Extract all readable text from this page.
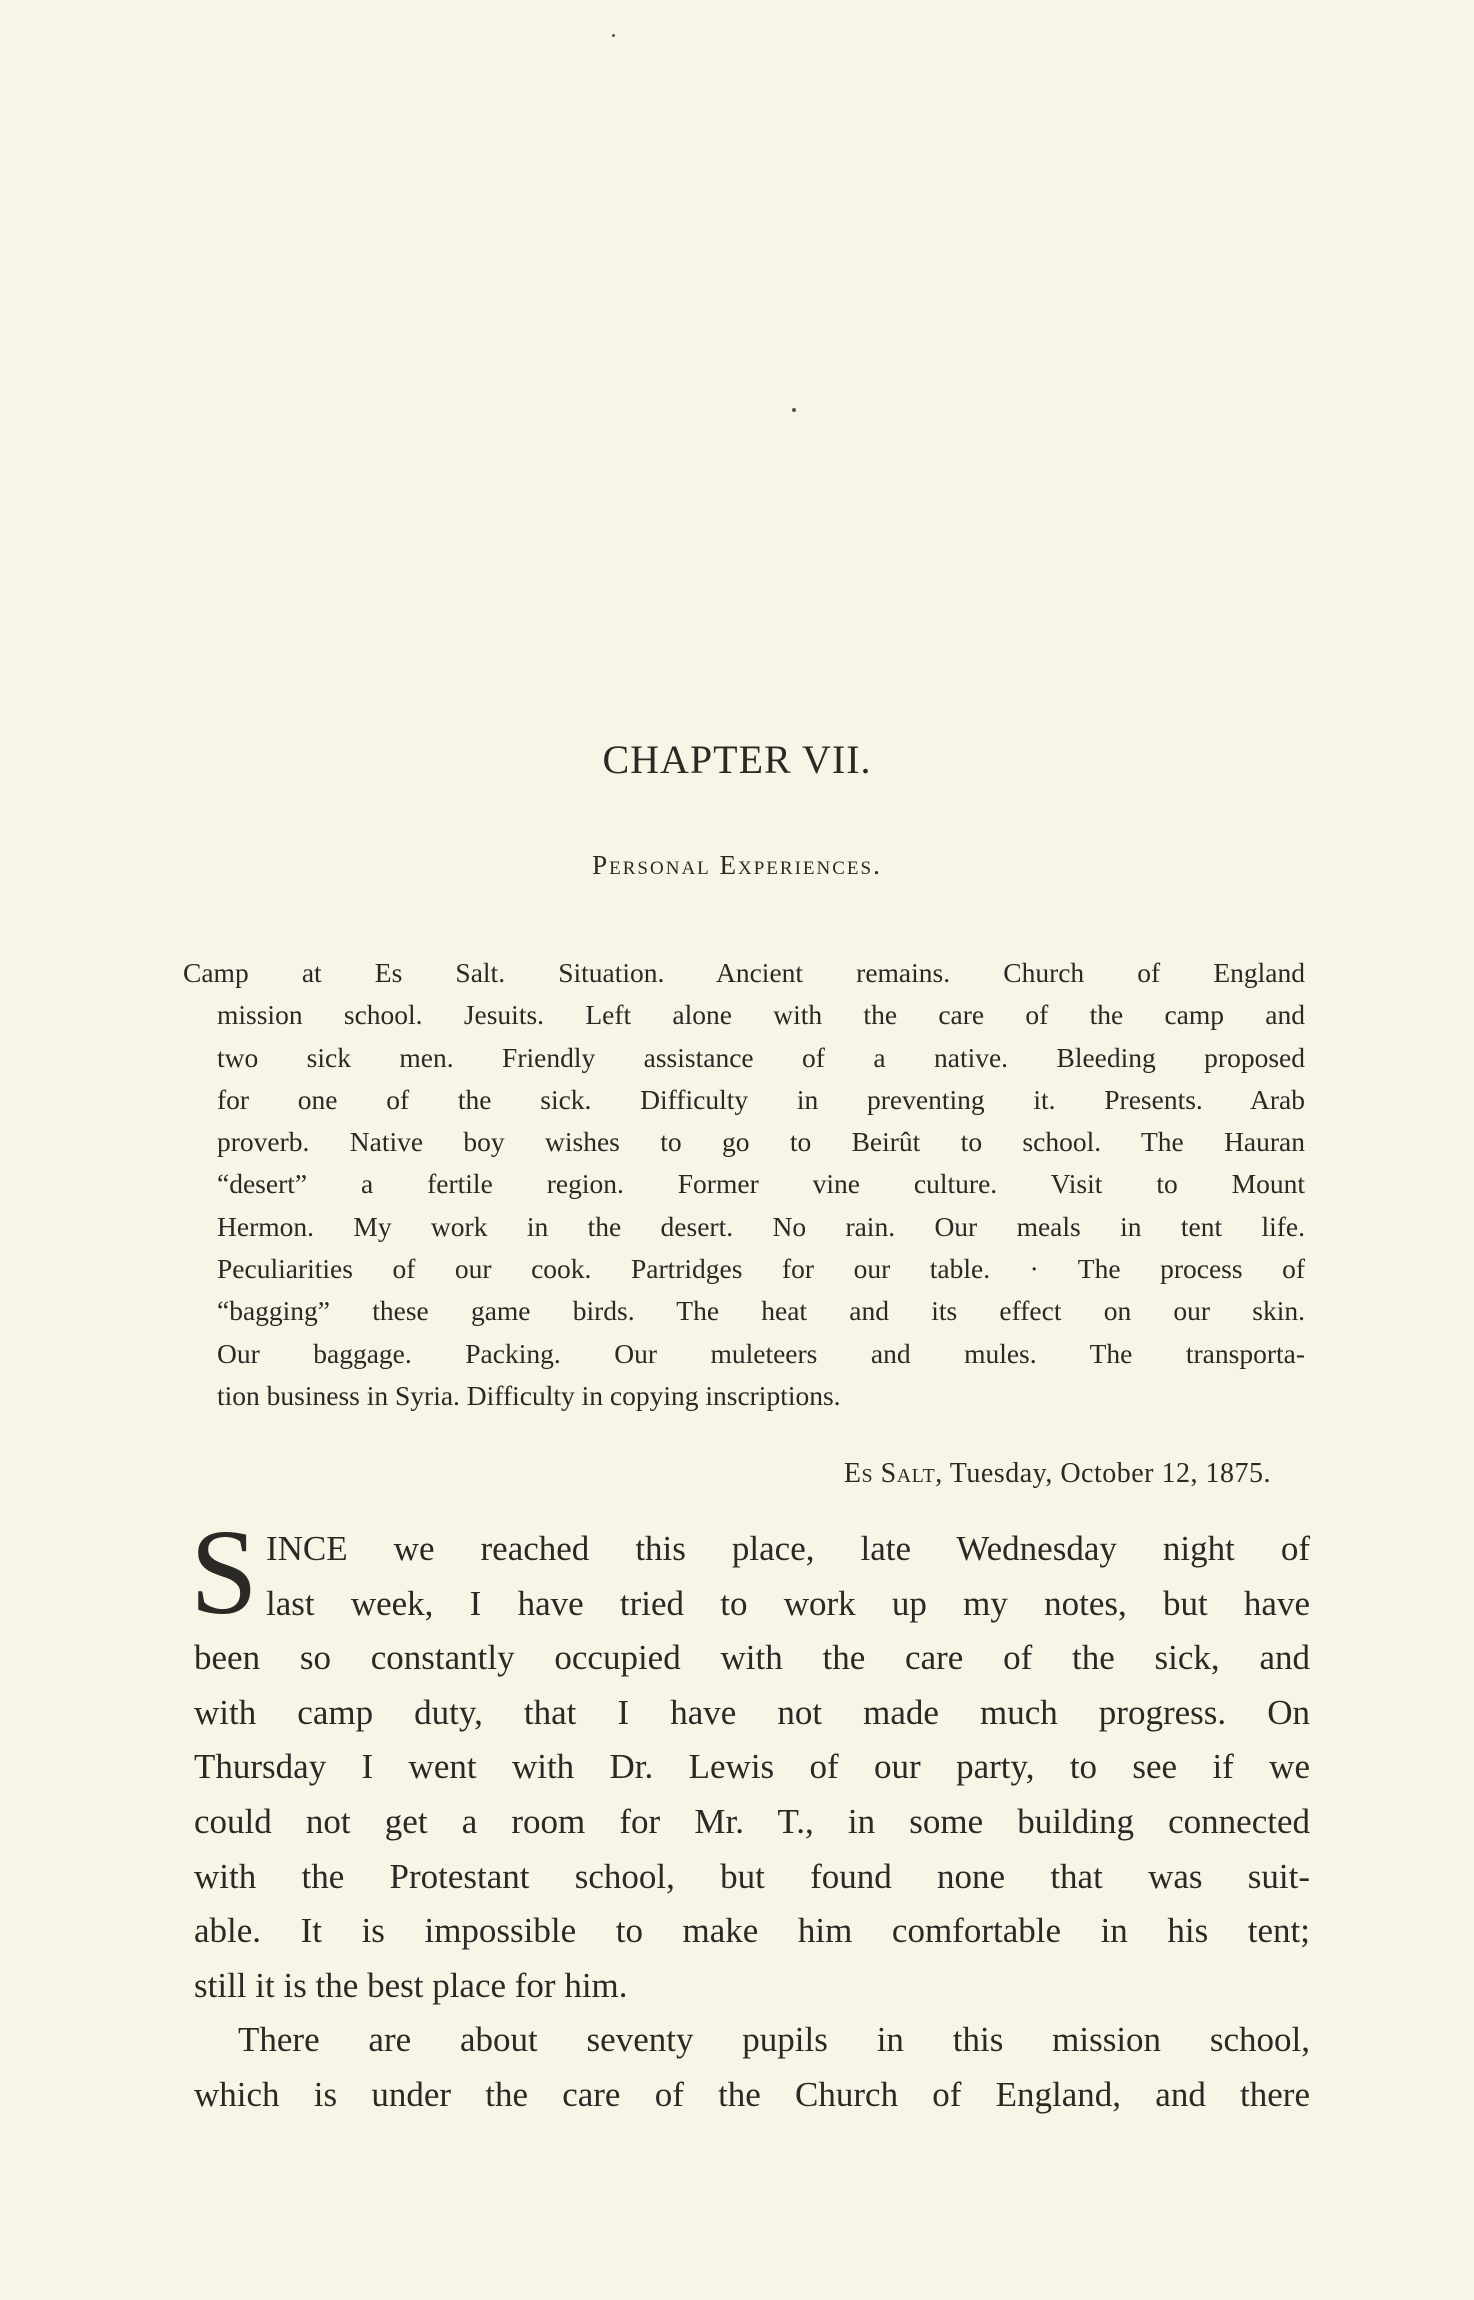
CHAPTER VII.
Personal Experiences.
Camp at Es Salt. Situation. Ancient remains. Church of England
mission school. Jesuits. Left alone with the care of the camp and
two sick men. Friendly assistance of a native. Bleeding proposed
for one of the sick. Difficulty in preventing it. Presents. Arab
proverb. Native boy wishes to go to Beirût to school. The Hauran
“desert” a fertile region. Former vine culture. Visit to Mount
Hermon. My work in the desert. No rain. Our meals in tent life.
Peculiarities of our cook. Partridges for our table. · The process of
“bagging” these game birds. The heat and its effect on our skin.
Our baggage. Packing. Our muleteers and mules. The transporta-
tion business in Syria. Difficulty in copying inscriptions.
Es Salt, Tuesday, October 12, 1875.
S INCE we reached this place, late Wednesday night of
last week, I have tried to work up my notes, but have
been so constantly occupied with the care of the sick, and
with camp duty, that I have not made much progress. On
Thursday I went with Dr. Lewis of our party, to see if we
could not get a room for Mr. T., in some building connected
with the Protestant school, but found none that was suit-
able. It is impossible to make him comfortable in his tent;
still it is the best place for him.
There are about seventy pupils in this mission school,
which is under the care of the Church of England, and there
